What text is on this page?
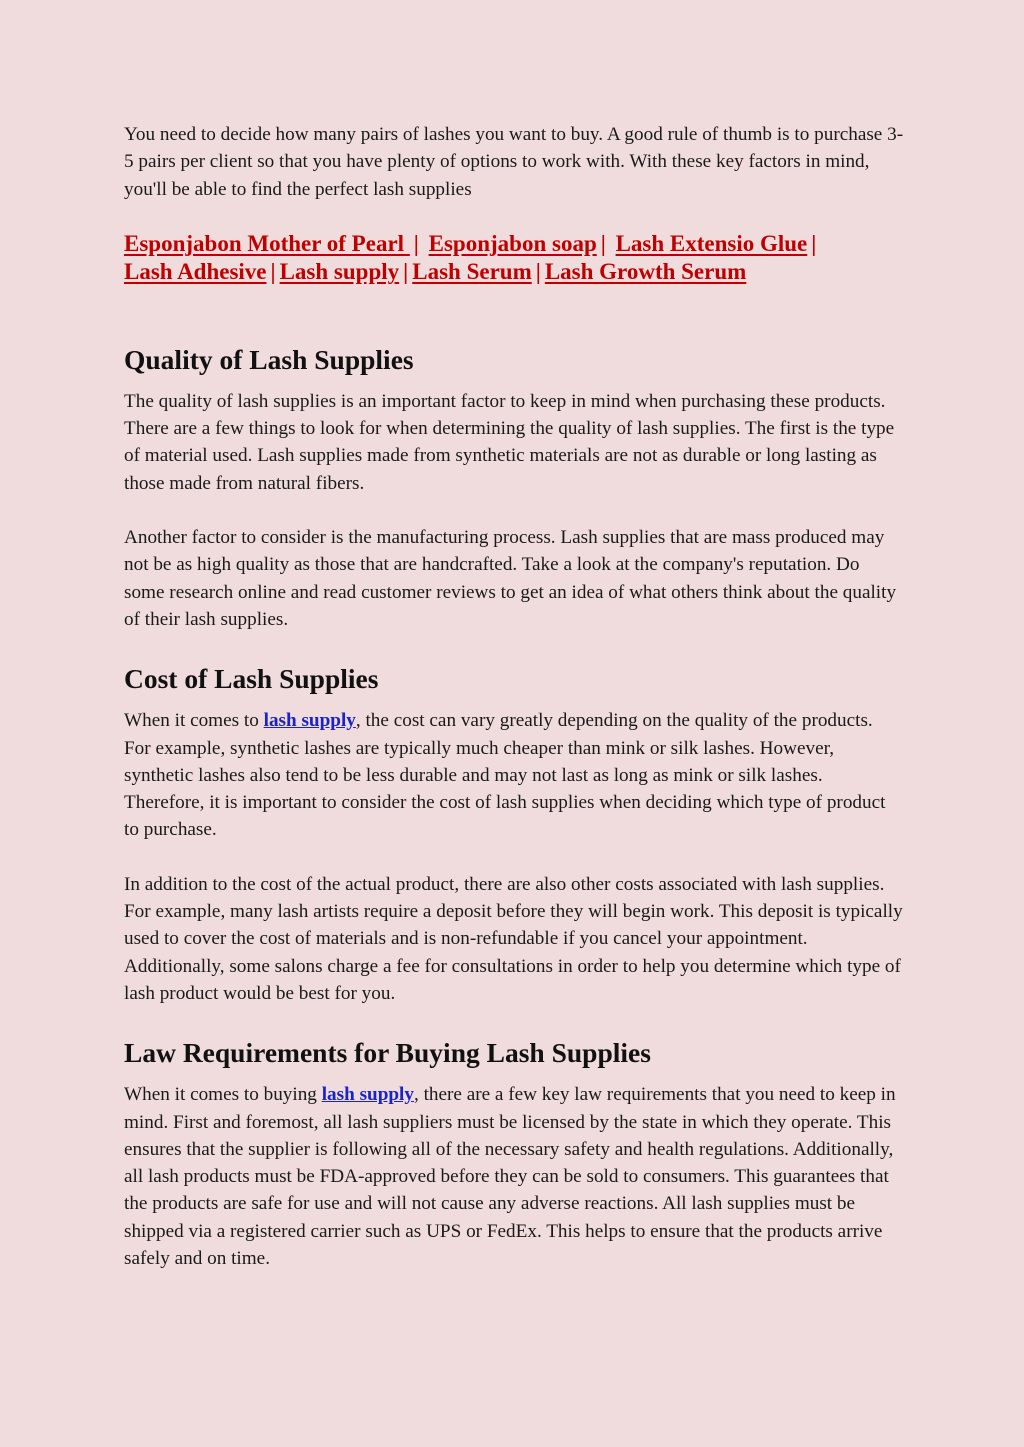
You need to decide how many pairs of lashes you want to buy. A good rule of thumb is to purchase 3-5 pairs per client so that you have plenty of options to work with. With these key factors in mind, you'll be able to find the perfect lash supplies

Esponjabon Mother of Pearl | Esponjabon soap | Lash Extensio Glue |
Lash Adhesive | Lash supply | Lash Serum | Lash Growth Serum
Quality of Lash Supplies

The quality of lash supplies is an important factor to keep in mind when purchasing these products. There are a few things to look for when determining the quality of lash supplies. The first is the type of material used. Lash supplies made from synthetic materials are not as durable or long lasting as those made from natural fibers.

Another factor to consider is the manufacturing process. Lash supplies that are mass produced may not be as high quality as those that are handcrafted. Take a look at the company's reputation. Do some research online and read customer reviews to get an idea of what others think about the quality of their lash supplies.

Cost of Lash Supplies

When it comes to lash supply, the cost can vary greatly depending on the quality of the products. For example, synthetic lashes are typically much cheaper than mink or silk lashes. However, synthetic lashes also tend to be less durable and may not last as long as mink or silk lashes. Therefore, it is important to consider the cost of lash supplies when deciding which type of product to purchase.

In addition to the cost of the actual product, there are also other costs associated with lash supplies. For example, many lash artists require a deposit before they will begin work. This deposit is typically used to cover the cost of materials and is non-refundable if you cancel your appointment. Additionally, some salons charge a fee for consultations in order to help you determine which type of lash product would be best for you.

Law Requirements for Buying Lash Supplies

When it comes to buying lash supply, there are a few key law requirements that you need to keep in mind. First and foremost, all lash suppliers must be licensed by the state in which they operate. This ensures that the supplier is following all of the necessary safety and health regulations. Additionally, all lash products must be FDA-approved before they can be sold to consumers. This guarantees that the products are safe for use and will not cause any adverse reactions. All lash supplies must be shipped via a registered carrier such as UPS or FedEx. This helps to ensure that the products arrive safely and on time.
